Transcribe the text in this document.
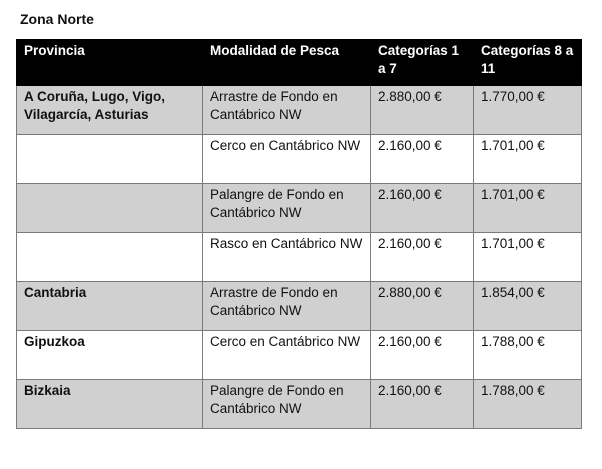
Zona Norte
Provincia	Modalidad de Pesca	Categorías 1 a 7	Categorías 8 a 11
A Coruña, Lugo, Vigo, Vilagarcía, Asturias	Arrastre de Fondo en Cantábrico NW	2.880,00 €	1.770,00 €
	Cerco en Cantábrico NW	2.160,00 €	1.701,00 €
	Palangre de Fondo en Cantábrico NW	2.160,00 €	1.701,00 €
	Rasco en Cantábrico NW	2.160,00 €	1.701,00 €
Cantabria	Arrastre de Fondo en Cantábrico NW	2.880,00 €	1.854,00 €
Gipuzkoa	Cerco en Cantábrico NW	2.160,00 €	1.788,00 €
Bizkaia	Palangre de Fondo en Cantábrico NW	2.160,00 €	1.788,00 €
